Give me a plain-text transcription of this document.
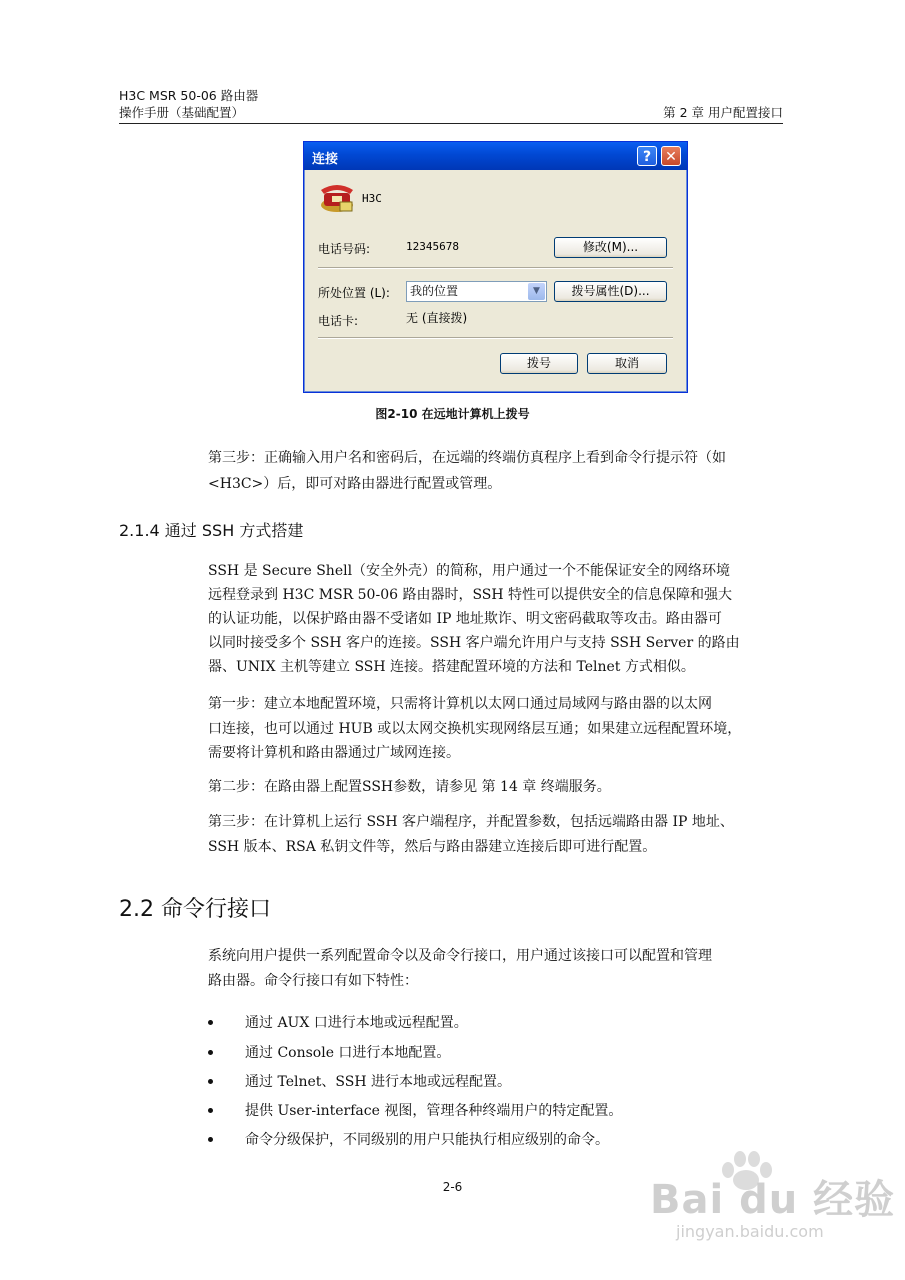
H3C MSR 50-06 路由器
操作手册（基础配置）	第 2 章 用户配置接口
连接	?	✕
H3C
电话号码:	12345678	修改(M)...
所处位置 (L):	我的位置	▼	拨号属性(D)...
电话卡:	无 (直接拨)
拨号	取消
图2-10 在远地计算机上拨号
第三步：正确输入用户名和密码后，在远端的终端仿真程序上看到命令行提示符（如
<H3C>）后，即可对路由器进行配置或管理。
2.1.4 通过 SSH 方式搭建
SSH 是 Secure Shell（安全外壳）的简称，用户通过一个不能保证安全的网络环境
远程登录到 H3C MSR 50-06 路由器时，SSH 特性可以提供安全的信息保障和强大
的认证功能，以保护路由器不受诸如 IP 地址欺诈、明文密码截取等攻击。路由器可
以同时接受多个 SSH 客户的连接。SSH 客户端允许用户与支持 SSH Server 的路由
器、UNIX 主机等建立 SSH 连接。搭建配置环境的方法和 Telnet 方式相似。
第一步：建立本地配置环境，只需将计算机以太网口通过局域网与路由器的以太网
口连接，也可以通过 HUB 或以太网交换机实现网络层互通；如果建立远程配置环境，
需要将计算机和路由器通过广域网连接。
第二步：在路由器上配置SSH参数，请参见 第 14 章 终端服务。
第三步：在计算机上运行 SSH 客户端程序，并配置参数，包括远端路由器 IP 地址、
SSH 版本、RSA 私钥文件等，然后与路由器建立连接后即可进行配置。
2.2 命令行接口
系统向用户提供一系列配置命令以及命令行接口，用户通过该接口可以配置和管理
路由器。命令行接口有如下特性：
通过 AUX 口进行本地或远程配置。
通过 Console 口进行本地配置。
通过 Telnet、SSH 进行本地或远程配置。
提供 User-interface 视图，管理各种终端用户的特定配置。
命令分级保护，不同级别的用户只能执行相应级别的命令。
2-6	Bai du 经验
jingyan.baidu.com
